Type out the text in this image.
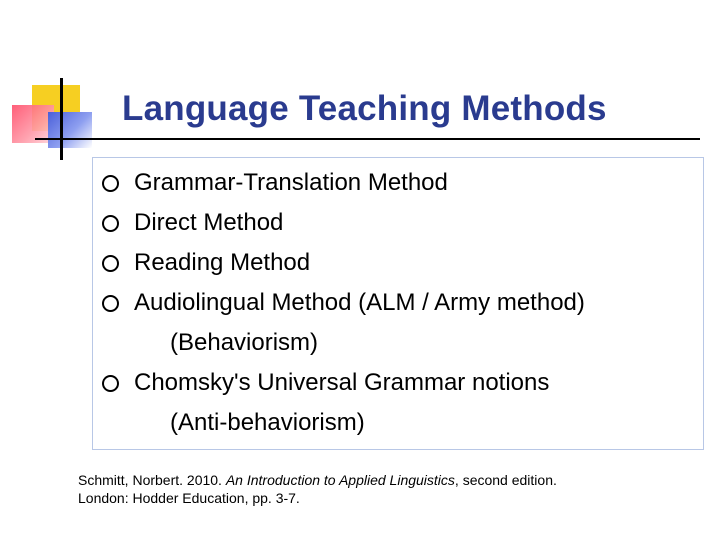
Language Teaching Methods
Grammar-Translation Method
Direct Method
Reading Method
Audiolingual Method (ALM / Army method)
(Behaviorism)
Chomsky's Universal Grammar notions
(Anti-behaviorism)
Schmitt, Norbert. 2010. An Introduction to Applied Linguistics, second edition.
London: Hodder Education, pp. 3-7.
